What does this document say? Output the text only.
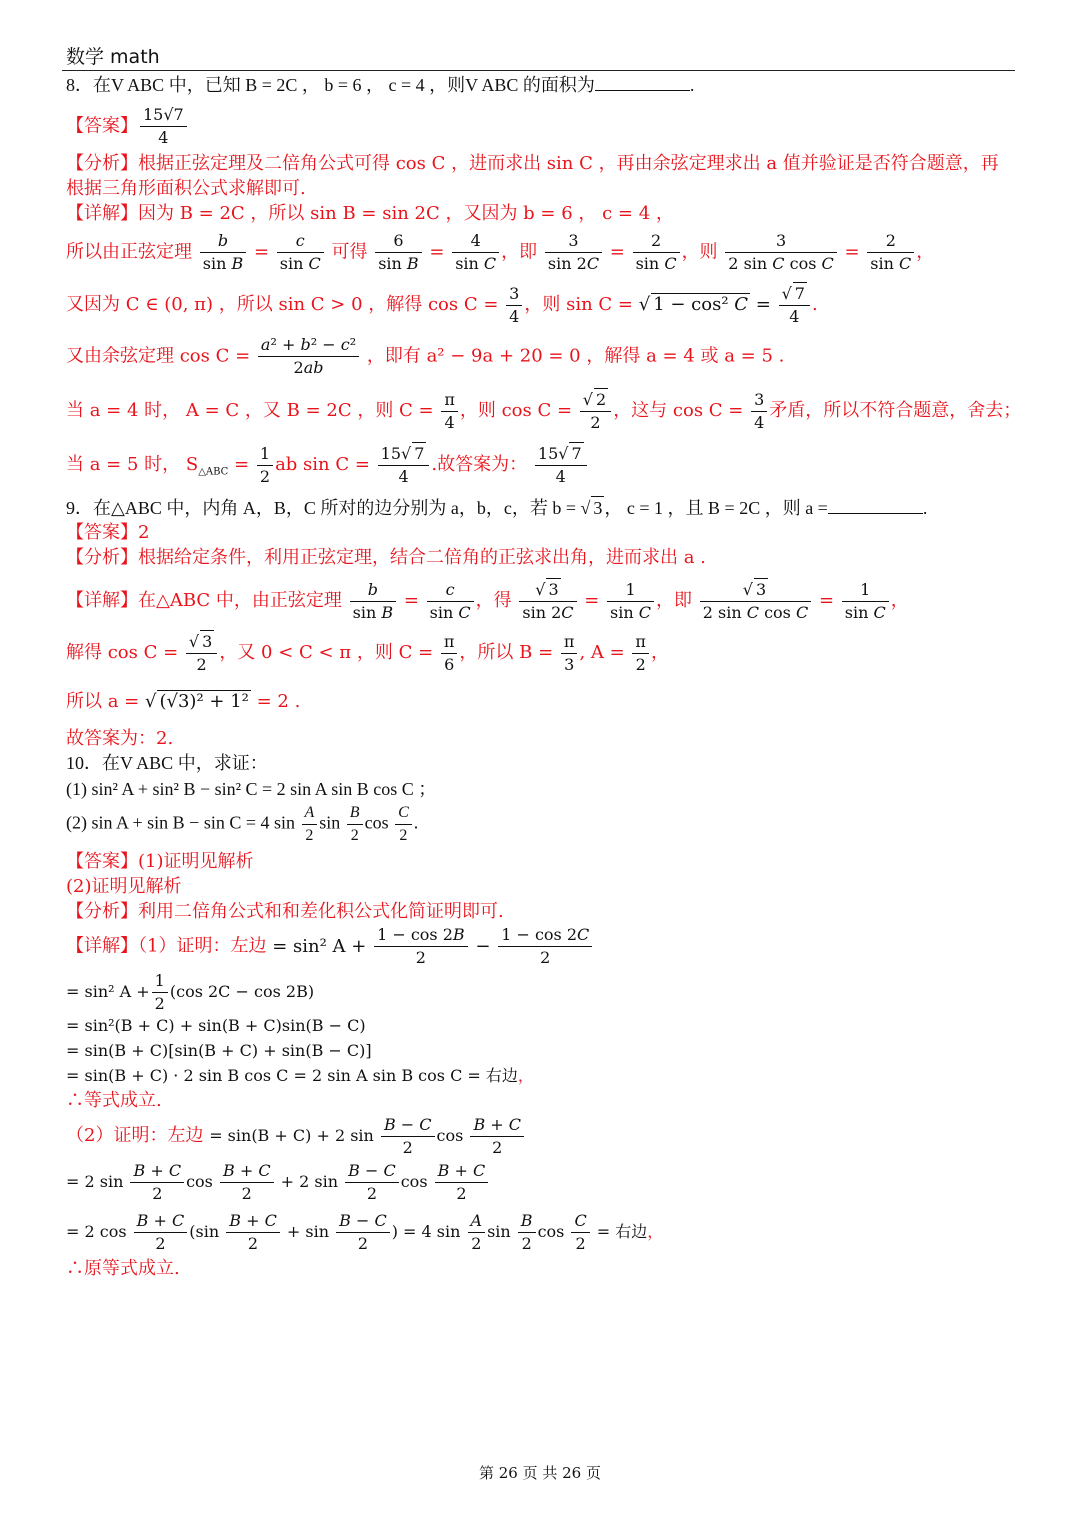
数学 math
8．在V ABC 中，已知 B = 2C ， b = 6 ， c = 4 ，则V ABC 的面积为	.
【答案】 $\frac{15√7}{4}$
【分析】根据正弦定理及二倍角公式可得 cos C ，进而求出 sin C ，再由余弦定理求出 a 值并验证是否符合题意，再
根据三角形面积公式求解即可.
【详解】因为 B = 2C ，所以 sin B = sin 2C ，又因为 b = 6 ， c = 4 ，
所以由正弦定理 $\frac{b}{\text{sin B}} = \frac{c}{\text{sin C}}$ 可得 $\frac{6}{\text{sin B}} = \frac{4}{\text{sin C}}$ ，即 $\frac{3}{\sin 2C} = \frac{2}{\text{sin C}}$ ，则 $\frac{3}{\text{2 sin C cos C}} = \frac{2}{\text{sin C}}$ ，
又因为 C ∈ (0, π) ，所以 sin C > 0 ，解得 $\cos C = \frac{3}{4}$ ，则 sin C = √ 1 − cos² $C = \frac{√ 7}{4}$ .
又由余弦定理 $\cos C = \frac{\text{a² + b² − c²}}{2ab}$ ，即有 a² − 9a + 20 = 0 ，解得 a = 4 或 a = 5 .
当 a = 4 时， A = C ，又 B = 2C ，则 $C = \frac{\pi}{4}$ ，则 $\cos C = \frac{√ 2}{2}$ ，这与 $\cos C = \frac{3}{4}$ 矛盾，所以不符合题意，舍去；
当 a = 5 时， $S_{\triangle ABC} = \frac{1}{2}$ ab $\sin C = \frac{15√ 7}{4}$ .故答案为： $\frac{15√ 7}{4}$
9．在△ABC 中，内角 A，B，C 所对的边分别为 a，b，c，若 b = √ 3 ， c = 1 ，且 B = 2C ，则 a =	.
【答案】2
【分析】根据给定条件，利用正弦定理，结合二倍角的正弦求出角，进而求出 a .
【详解】在△ABC 中，由正弦定理 $\frac{b}{\text{sin B}} = \frac{c}{\text{sin C}}$ ，得 $\frac{√ 3}{\sin 2C} = \frac{1}{\text{sin C}}$ ，即 $\frac{√ 3}{\text{2 sin C cos C}} = \frac{1}{\text{sin C}}$ ，
解得 $\cos C = \frac{√ 3}{2}$ ，又 0 < C < π ，则 $C = \frac{\pi}{6}$ ，所以 $B = \frac{\pi}{3}$ , $A = \frac{\pi}{2}$ ，
所以 a = √ (√3)² + 1² = 2 .
故答案为：2.
10．在V ABC 中，求证：
(1) sin² A + sin² B − sin² C = 2 sin A sin B cos C ；
(2) sin A + sin B − sin C = 4 $\sin \frac{A}{2}$ $\sin \frac{B}{2}$ $\cos \frac{C}{2}$ .
【答案】(1)证明见解析
(2)证明见解析
【分析】利用二倍角公式和和差化积公式化简证明即可.
【详解】（1）证明：左边 = sin² $A + \frac{1 - \cos 2B}{2} - \frac{1 - \cos 2C}{2}$
= sin² $A + \frac{1}{2} (\cos$ 2C − cos 2B)
= sin²(B + C) + sin(B + C)sin(B − C)
= sin(B + C)[sin(B + C) + sin(B − C)]
= sin(B + C) · 2 sin B cos C = 2 sin A sin B cos C = 右边，
∴等式成立.
（2）证明：左边 = sin(B + C) + 2 $\sin \frac{B - C}{2}$ $\cos \frac{B + C}{2}$
= 2 $\sin \frac{B + C}{2}$ $\cos \frac{B + C}{2} + 2$ $\sin \frac{B - C}{2}$ $\cos \frac{B + C}{2}$
= 2 $\cos \frac{B + C}{2} (\sin \frac{B + C}{2} + \sin \frac{B - C}{2}$ ) = 4 $\sin \frac{A}{2}$ $\sin \frac{B}{2}$ $\cos \frac{C}{2}$ = 右边，
∴原等式成立.
第 26 页 共 26 页
